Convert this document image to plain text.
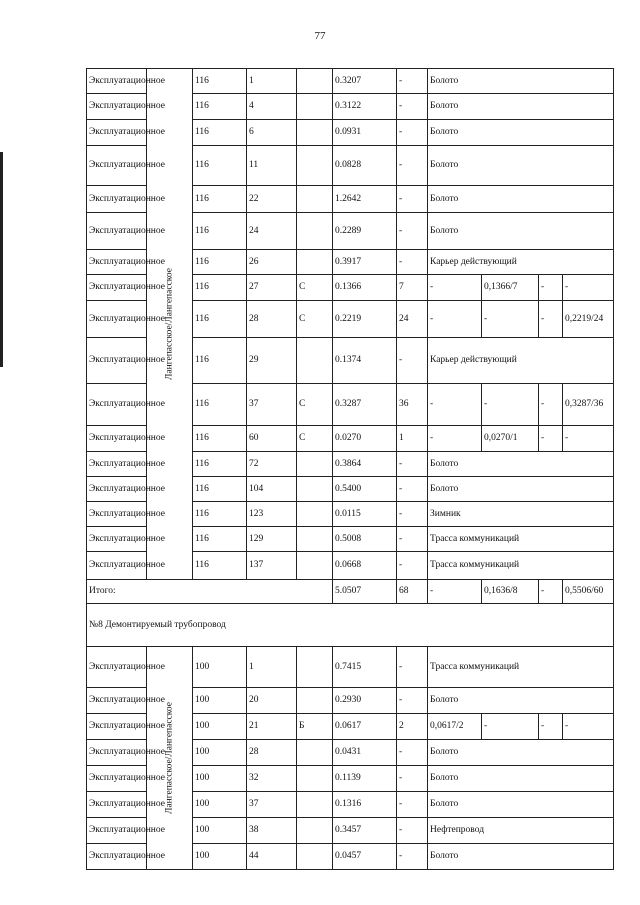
77
Эксплуатационное	Лангепасское/Лангепасское	116	1		0.3207	-	Болото			
Эксплуатационное		116	4		0.3122	-	Болото			
Эксплуатационное		116	6		0.0931	-	Болото			
Эксплуатационное		116	11		0.0828	-	Болото			
Эксплуатационное		116	22		1.2642	-	Болото			
Эксплуатационное		116	24		0.2289	-	Болото			
Эксплуатационное		116	26		0.3917	-	Карьер действующий			
Эксплуатационное		116	27	С	0.1366	7	-	0,1366/7	-	-
Эксплуатационное		116	28	С	0.2219	24	-	-	-	0,2219/24
Эксплуатационное		116	29		0.1374	-	Карьер действующий			
Эксплуатационное		116	37	С	0.3287	36	-	-	-	0,3287/36
Эксплуатационное		116	60	С	0.0270	1	-	0,0270/1	-	-
Эксплуатационное		116	72		0.3864	-	Болото			
Эксплуатационное		116	104		0.5400	-	Болото			
Эксплуатационное		116	123		0.0115	-	Зимник			
Эксплуатационное		116	129		0.5008	-	Трасса коммуникаций			
Эксплуатационное		116	137		0.0668	-	Трасса коммуникаций			
Итого:					5.0507	68	-	0,1636/8	-	0,5506/60
№8 Демонтируемый трубопровод										
Эксплуатационное	Лангепасское/Лангепасское	100	1		0.7415	-	Трасса коммуникаций			
Эксплуатационное		100	20		0.2930	-	Болото			
Эксплуатационное		100	21	Б	0.0617	2	0,0617/2	-	-	-
Эксплуатационное		100	28		0.0431	-	Болото			
Эксплуатационное		100	32		0.1139	-	Болото			
Эксплуатационное		100	37		0.1316	-	Болото			
Эксплуатационное		100	38		0.3457	-	Нефтепровод			
Эксплуатационное		100	44		0.0457	-	Болото			
